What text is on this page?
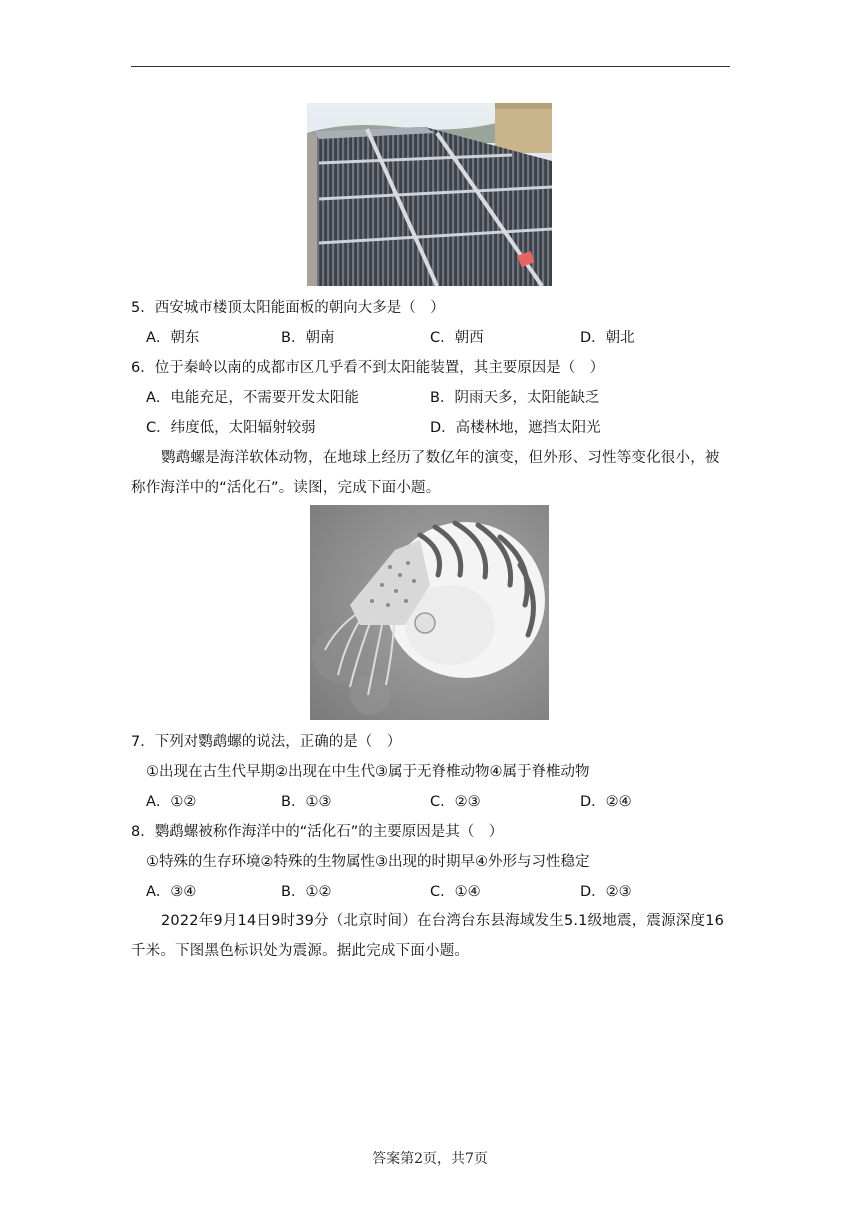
5．西安城市楼顶太阳能面板的朝向大多是（　）
A．朝东	B．朝南	C．朝西	D．朝北
6．位于秦岭以南的成都市区几乎看不到太阳能装置，其主要原因是（　）
A．电能充足，不需要开发太阳能	B．阴雨天多，太阳能缺乏
C．纬度低，太阳辐射较弱	D．高楼林地，遮挡太阳光
鹦鹉螺是海洋软体动物，在地球上经历了数亿年的演变，但外形、习性等变化很小，被称作海洋中的“活化石”。读图，完成下面小题。
7．下列对鹦鹉螺的说法，正确的是（　）
①出现在古生代早期②出现在中生代③属于无脊椎动物④属于脊椎动物
A．①②	B．①③	C．②③	D．②④
8．鹦鹉螺被称作海洋中的“活化石”的主要原因是其（　）
①特殊的生存环境②特殊的生物属性③出现的时期早④外形与习性稳定
A．③④	B．①②	C．①④	D．②③
2022年9月14日9时39分（北京时间）在台湾台东县海域发生5.1级地震，震源深度16千米。下图黑色标识处为震源。据此完成下面小题。
答案第2页，共7页
